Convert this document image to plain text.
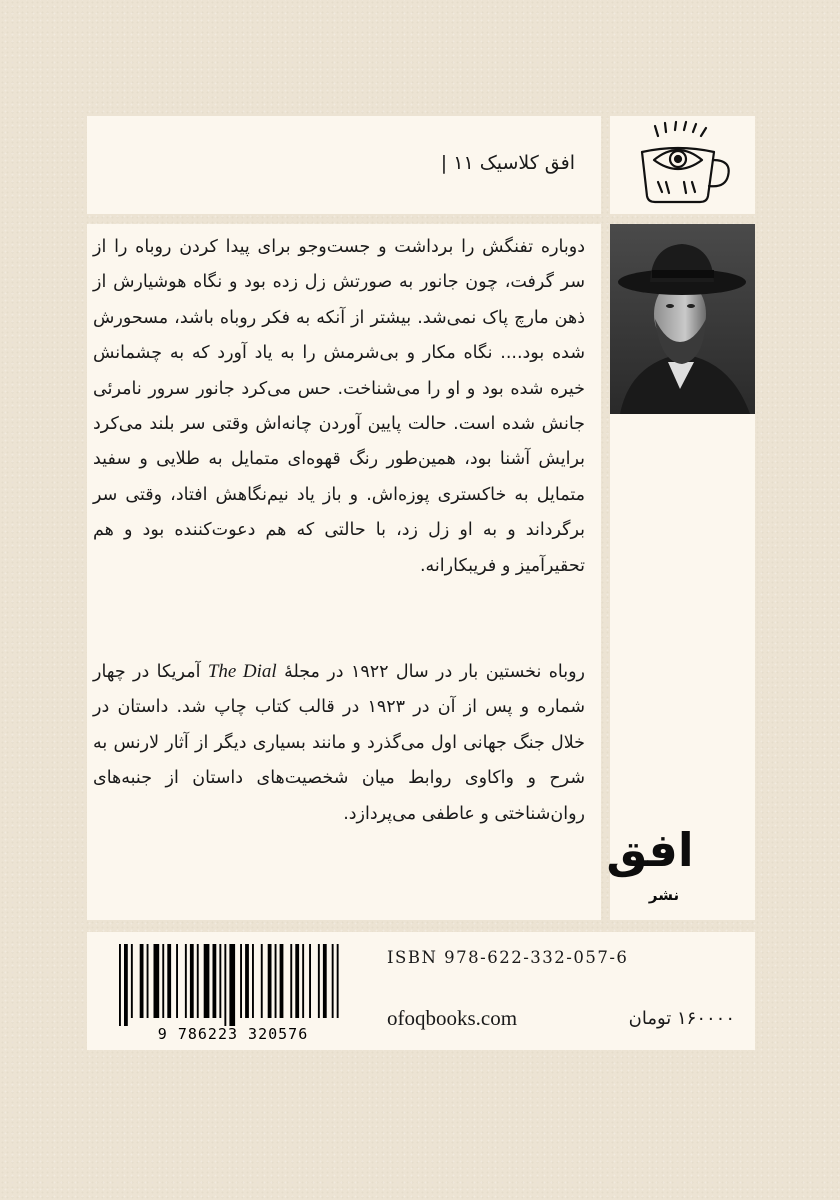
افق کلاسیک ۱۱ |

دوباره تفنگش را برداشت و جست‌وجو برای پیدا کردن روباه را از سر گرفت، چون جانور به صورتش زل زده بود و نگاه هوشیارش از ذهن مارچ پاک نمی‌شد. بیشتر از آنکه به فکر روباه باشد، مسحورش شده بود.... نگاه مکار و بی‌شرمش را به یاد آورد که به چشمانش خیره شده بود و او را می‌شناخت. حس می‌کرد جانور سرور نامرئی جانش شده است. حالت پایین آوردن چانه‌اش وقتی سر بلند می‌کرد برایش آشنا بود، همین‌طور رنگ قهوه‌ای متمایل به طلایی و سفید متمایل به خاکستری پوزه‌اش. و باز یاد نیم‌نگاهش افتاد، وقتی سر برگرداند و به او زل زد، با حالتی که هم دعوت‌کننده بود و هم تحقیرآمیز و فریبکارانه.

روباه نخستین بار در سال ۱۹۲۲ در مجلهٔ The Dial آمریکا در چهار شماره و پس از آن در ۱۹۲۳ در قالب کتاب چاپ شد. داستان در خلال جنگ جهانی اول می‌گذرد و مانند بسیاری دیگر از آثار لارنس به شرح و واکاوی روابط میان شخصیت‌های داستان از جنبه‌های روان‌شناختی و عاطفی می‌پردازد.

افق
نشر
9 786223 320576
ISBN 978-622-332-057-6
ofoqbooks.com	۱۶۰۰۰۰ تومان
